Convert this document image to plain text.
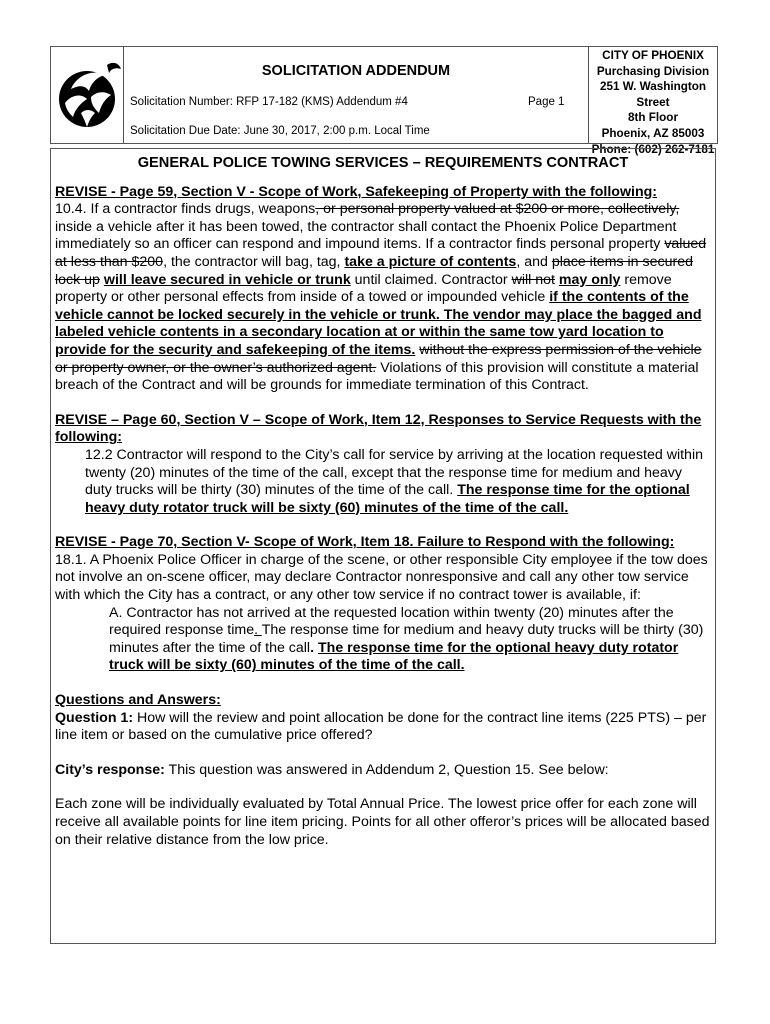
SOLICITATION ADDENDUM
Solicitation Number: RFP 17-182 (KMS) Addendum #4	Page 1
Solicitation Due Date: June 30, 2017, 2:00 p.m. Local Time
CITY OF PHOENIX
Purchasing Division
251 W. Washington Street
8th Floor
Phoenix, AZ 85003
Phone: (602) 262-7181

GENERAL POLICE TOWING SERVICES – REQUIREMENTS CONTRACT

REVISE - Page 59, Section V - Scope of Work, Safekeeping of Property with the following:

10.4. If a contractor finds drugs, weapons, or personal property valued at $200 or more, collectively, inside a vehicle after it has been towed, the contractor shall contact the Phoenix Police Department immediately so an officer can respond and impound items. If a contractor finds personal property valued at less than $200, the contractor will bag, tag, take a picture of contents, and place items in secured lock up will leave secured in vehicle or trunk until claimed. Contractor will not may only remove property or other personal effects from inside of a towed or impounded vehicle if the contents of the vehicle cannot be locked securely in the vehicle or trunk. The vendor may place the bagged and labeled vehicle contents in a secondary location at or within the same tow yard location to provide for the security and safekeeping of the items. without the express permission of the vehicle or property owner, or the owner’s authorized agent. Violations of this provision will constitute a material breach of the Contract and will be grounds for immediate termination of this Contract.

REVISE – Page 60, Section V – Scope of Work, Item 12, Responses to Service Requests with the following:

12.2 Contractor will respond to the City’s call for service by arriving at the location requested within twenty (20) minutes of the time of the call, except that the response time for medium and heavy duty trucks will be thirty (30) minutes of the time of the call. The response time for the optional heavy duty rotator truck will be sixty (60) minutes of the time of the call.

REVISE - Page 70, Section V- Scope of Work, Item 18. Failure to Respond with the following:

18.1. A Phoenix Police Officer in charge of the scene, or other responsible City employee if the tow does not involve an on-scene officer, may declare Contractor nonresponsive and call any other tow service with which the City has a contract, or any other tow service if no contract tower is available, if:

A. Contractor has not arrived at the requested location within twenty (20) minutes after the required response time. The response time for medium and heavy duty trucks will be thirty (30) minutes after the time of the call. The response time for the optional heavy duty rotator truck will be sixty (60) minutes of the time of the call.

Questions and Answers:

Question 1: How will the review and point allocation be done for the contract line items (225 PTS) – per line item or based on the cumulative price offered?

City’s response: This question was answered in Addendum 2, Question 15. See below:

Each zone will be individually evaluated by Total Annual Price. The lowest price offer for each zone will receive all available points for line item pricing. Points for all other offeror’s prices will be allocated based on their relative distance from the low price.
